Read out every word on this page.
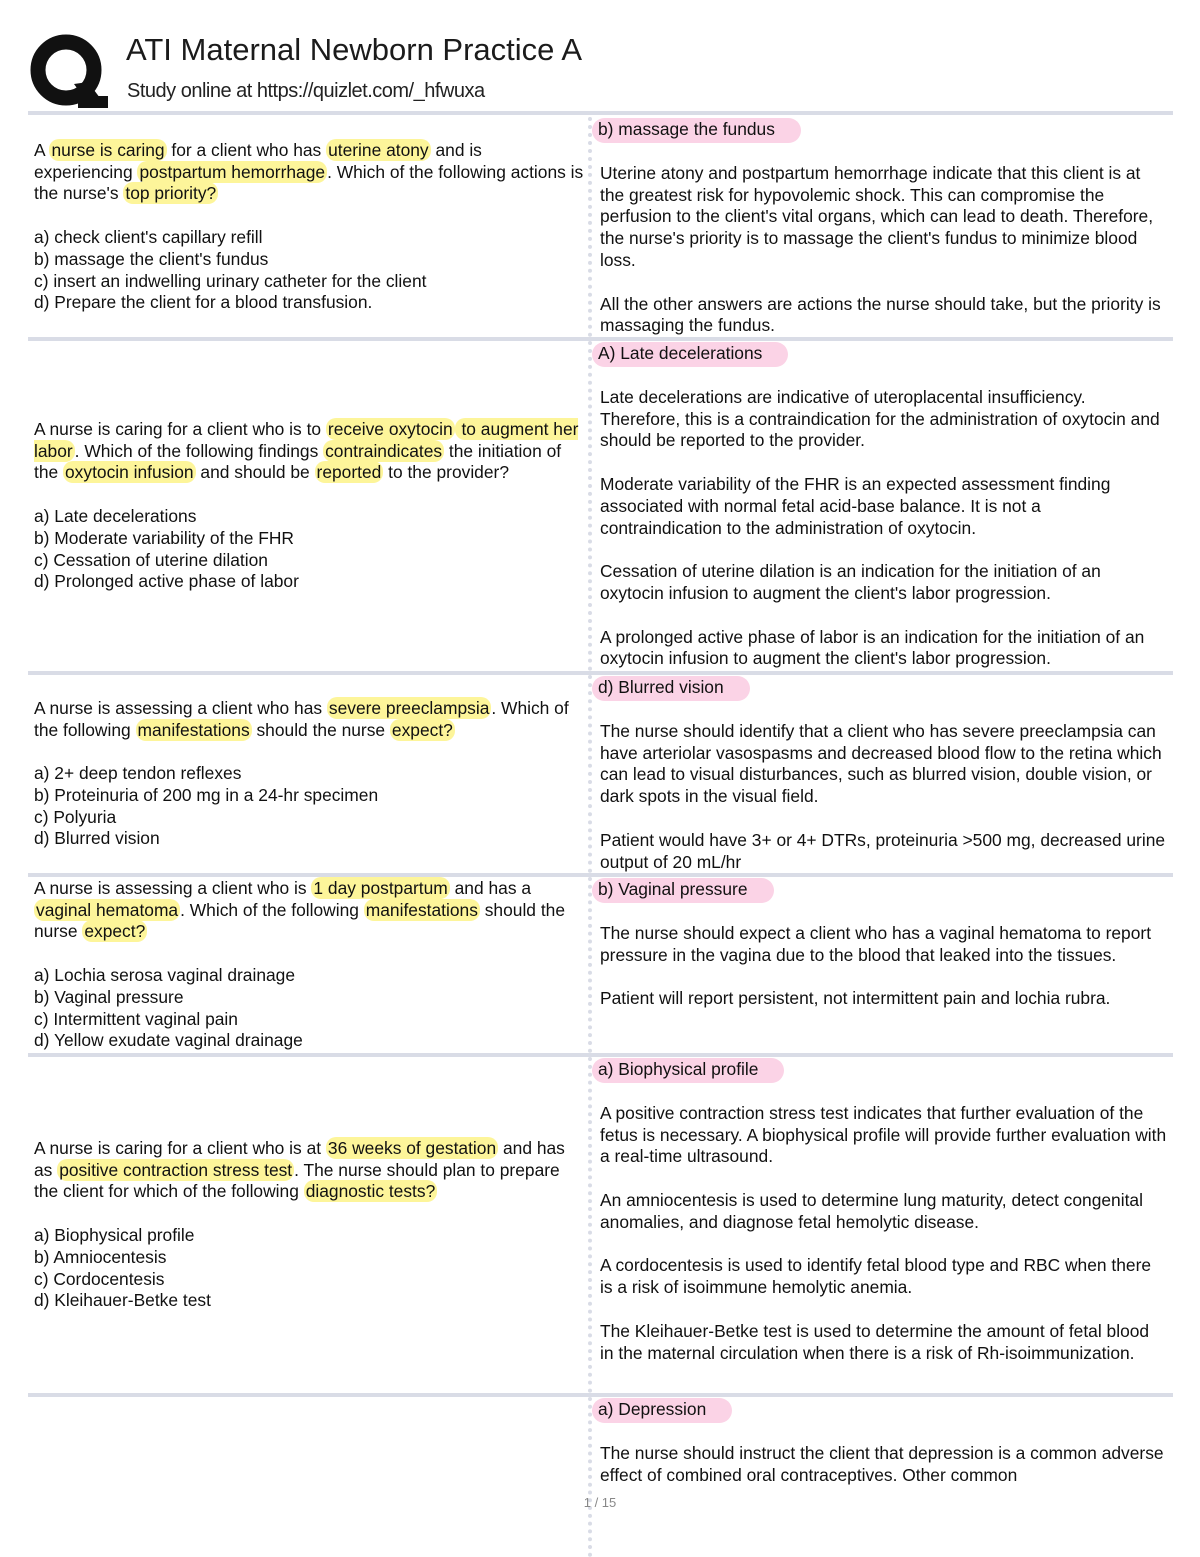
ATI Maternal Newborn Practice A
Study online at https://quizlet.com/_hfwuxa

A nurse is caring for a client who has uterine atony and is experiencing postpartum hemorrhage . Which of the following actions is the nurse's top priority?

a) check client's capillary refill
b) massage the client's fundus
c) insert an indwelling urinary catheter for the client
d) Prepare the client for a blood transfusion.
b) massage the fundus

Uterine atony and postpartum hemorrhage indicate that this client is at the greatest risk for hypovolemic shock. This can compromise the perfusion to the client's vital organs, which can lead to death. Therefore, the nurse's priority is to massage the client's fundus to minimize blood loss.

All the other answers are actions the nurse should take, but the priority is massaging the fundus.

A nurse is caring for a client who is to receive oxytocin to augment her labor . Which of the following findings contraindicates the initiation of the oxytocin infusion and should be reported to the provider?

a) Late decelerations
b) Moderate variability of the FHR
c) Cessation of uterine dilation
d) Prolonged active phase of labor
A) Late decelerations

Late decelerations are indicative of uteroplacental insufficiency. Therefore, this is a contraindication for the administration of oxytocin and should be reported to the provider.

Moderate variability of the FHR is an expected assessment finding associated with normal fetal acid-base balance. It is not a contraindication to the administration of oxytocin.

Cessation of uterine dilation is an indication for the initiation of an oxytocin infusion to augment the client's labor progression.

A prolonged active phase of labor is an indication for the initiation of an oxytocin infusion to augment the client's labor progression.

A nurse is assessing a client who has severe preeclampsia . Which of the following manifestations should the nurse expect?

a) 2+ deep tendon reflexes
b) Proteinuria of 200 mg in a 24-hr specimen
c) Polyuria
d) Blurred vision
d) Blurred vision

The nurse should identify that a client who has severe preeclampsia can have arteriolar vasospasms and decreased blood flow to the retina which can lead to visual disturbances, such as blurred vision, double vision, or dark spots in the visual field.

Patient would have 3+ or 4+ DTRs, proteinuria >500 mg, decreased urine output of 20 mL/hr

A nurse is assessing a client who is 1 day postpartum and has a vaginal hematoma . Which of the following manifestations should the nurse expect?

a) Lochia serosa vaginal drainage
b) Vaginal pressure
c) Intermittent vaginal pain
d) Yellow exudate vaginal drainage
b) Vaginal pressure

The nurse should expect a client who has a vaginal hematoma to report pressure in the vagina due to the blood that leaked into the tissues.

Patient will report persistent, not intermittent pain and lochia rubra.

A nurse is caring for a client who is at 36 weeks of gestation and has as positive contraction stress test . The nurse should plan to prepare the client for which of the following diagnostic tests?

a) Biophysical profile
b) Amniocentesis
c) Cordocentesis
d) Kleihauer-Betke test
a) Biophysical profile

A positive contraction stress test indicates that further evaluation of the fetus is necessary. A biophysical profile will provide further evaluation with a real-time ultrasound.

An amniocentesis is used to determine lung maturity, detect congenital anomalies, and diagnose fetal hemolytic disease.

A cordocentesis is used to identify fetal blood type and RBC when there is a risk of isoimmune hemolytic anemia.

The Kleihauer-Betke test is used to determine the amount of fetal blood in the maternal circulation when there is a risk of Rh-isoimmunization.

a) Depression

The nurse should instruct the client that depression is a common adverse effect of combined oral contraceptives. Other common

1 / 15
